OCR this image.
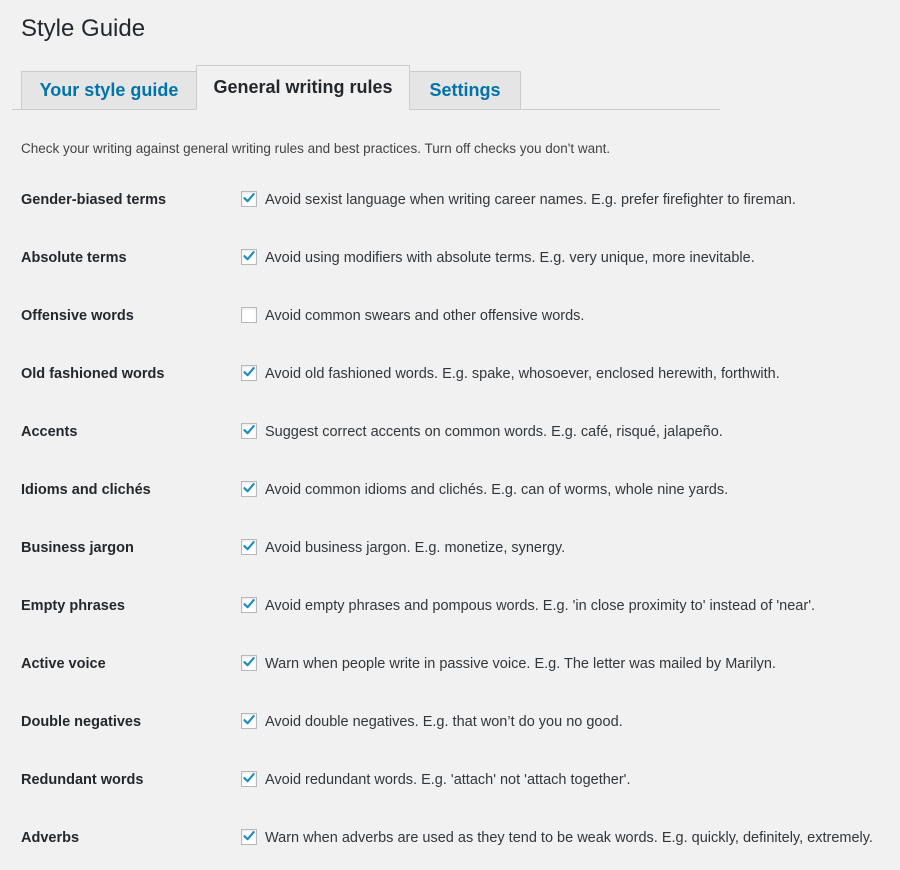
Style Guide
Your style guide	General writing rules	Settings
Check your writing against general writing rules and best practices. Turn off checks you don't want.
Gender-biased terms	Avoid sexist language when writing career names. E.g. prefer firefighter to fireman.
Absolute terms	Avoid using modifiers with absolute terms. E.g. very unique, more inevitable.
Offensive words	Avoid common swears and other offensive words.
Old fashioned words	Avoid old fashioned words. E.g. spake, whosoever, enclosed herewith, forthwith.
Accents	Suggest correct accents on common words. E.g. café, risqué, jalapeño.
Idioms and clichés	Avoid common idioms and clichés. E.g. can of worms, whole nine yards.
Business jargon	Avoid business jargon. E.g. monetize, synergy.
Empty phrases	Avoid empty phrases and pompous words. E.g. 'in close proximity to' instead of 'near'.
Active voice	Warn when people write in passive voice. E.g. The letter was mailed by Marilyn.
Double negatives	Avoid double negatives. E.g. that won’t do you no good.
Redundant words	Avoid redundant words. E.g. 'attach' not 'attach together'.
Adverbs	Warn when adverbs are used as they tend to be weak words. E.g. quickly, definitely, extremely.
